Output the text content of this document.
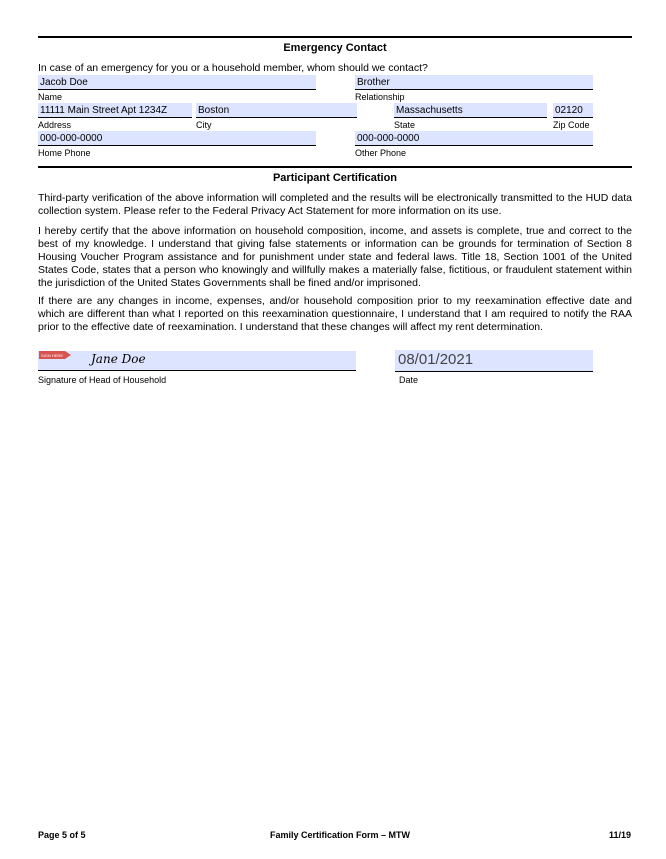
Emergency Contact
In case of an emergency for you or a household member, whom should we contact?
Jacob Doe	Brother
Name	Relationship
11111 Main Street Apt 1234Z	Boston	Massachusetts	02120
Address	City	State	Zip Code
000-000-0000	000-000-0000
Home Phone	Other Phone
Participant Certification

Third-party verification of the above information will completed and the results will be electronically transmitted to the HUD data collection system. Please refer to the Federal Privacy Act Statement for more information on its use.

I hereby certify that the above information on household composition, income, and assets is complete, true and correct to the best of my knowledge. I understand that giving false statements or information can be grounds for termination of Section 8 Housing Voucher Program assistance and for punishment under state and federal laws. Title 18, Section 1001 of the United States Code, states that a person who knowingly and willfully makes a materially false, fictitious, or fraudulent statement within the jurisdiction of the United States Governments shall be fined and/or imprisoned.

If there are any changes in income, expenses, and/or household composition prior to my reexamination effective date and which are different than what I reported on this reexamination questionnaire, I understand that I am required to notify the RAA prior to the effective date of reexamination. I understand that these changes will affect my rent determination.

Jane Doe
SIGN HERE
Signature of Head of Household
08/01/2021
Date
Page 5 of 5	Family Certification Form – MTW	11/19
